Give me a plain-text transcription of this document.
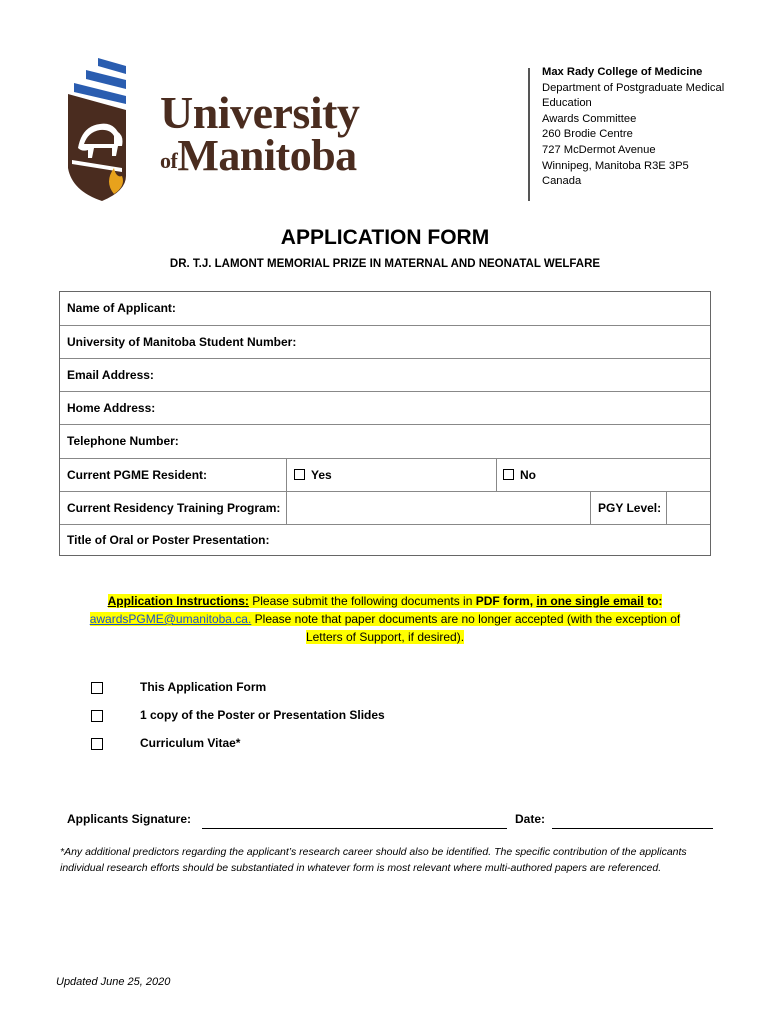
University
ofManitoba
Max Rady College of Medicine
Department of Postgraduate Medical
Education
Awards Committee
260 Brodie Centre
727 McDermot Avenue
Winnipeg, Manitoba R3E 3P5
Canada
APPLICATION FORM
DR. T.J. LAMONT MEMORIAL PRIZE IN MATERNAL AND NEONATAL WELFARE
Name of Applicant:
University of Manitoba Student Number:
Email Address:
Home Address:
Telephone Number:
Current PGME Resident:	Yes	No
Current Residency Training Program:	PGY Level:
Title of Oral or Poster Presentation:
Application Instructions: Please submit the following documents in PDF form, in one single email to:
awardsPGME@umanitoba.ca. Please note that paper documents are no longer accepted (with the exception of
Letters of Support, if desired).
This Application Form
1 copy of the Poster or Presentation Slides
Curriculum Vitae*
Applicants Signature:	Date:
*Any additional predictors regarding the applicant’s research career should also be identified. The specific contribution of the applicants individual research efforts should be substantiated in whatever form is most relevant where multi-authored papers are referenced.
Updated June 25, 2020
